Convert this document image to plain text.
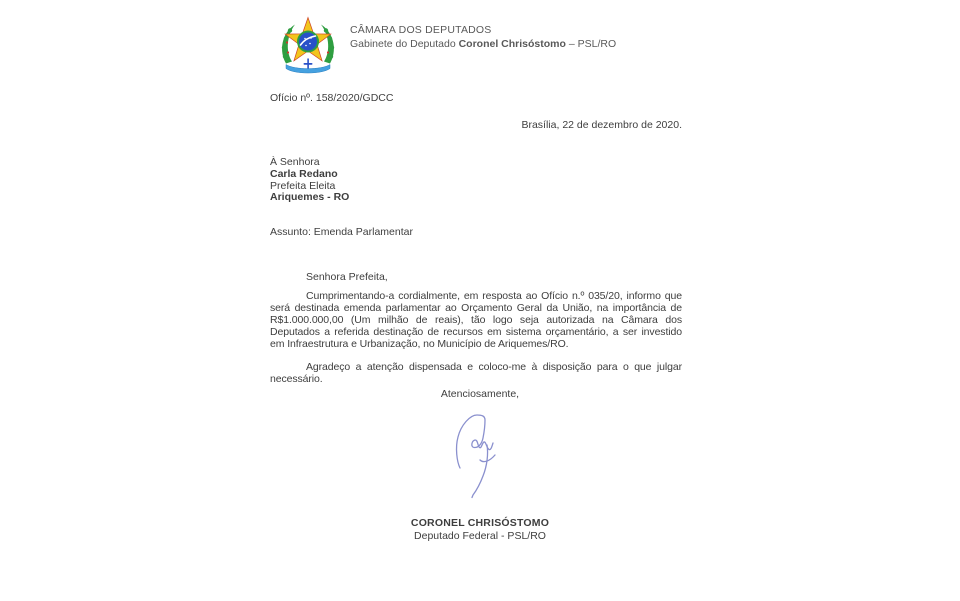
CÂMARA DOS DEPUTADOS
Gabinete do Deputado Coronel Chrisóstomo – PSL/RO
Ofício nº. 158/2020/GDCC
Brasília, 22 de dezembro de 2020.
À Senhora
Carla Redano
Prefeita Eleita
Ariquemes - RO
Assunto: Emenda Parlamentar
Senhora Prefeita,

Cumprimentando-a cordialmente, em resposta ao Ofício n.º 035/20, informo que será destinada emenda parlamentar ao Orçamento Geral da União, na importância de R$1.000.000,00 (Um milhão de reais), tão logo seja autorizada na Câmara dos Deputados a referida destinação de recursos em sistema orçamentário, a ser investido em Infraestrutura e Urbanização, no Município de Ariquemes/RO.

Agradeço a atenção dispensada e coloco-me à disposição para o que julgar necessário.

Atenciosamente,
CORONEL CHRISÓSTOMO
Deputado Federal - PSL/RO
